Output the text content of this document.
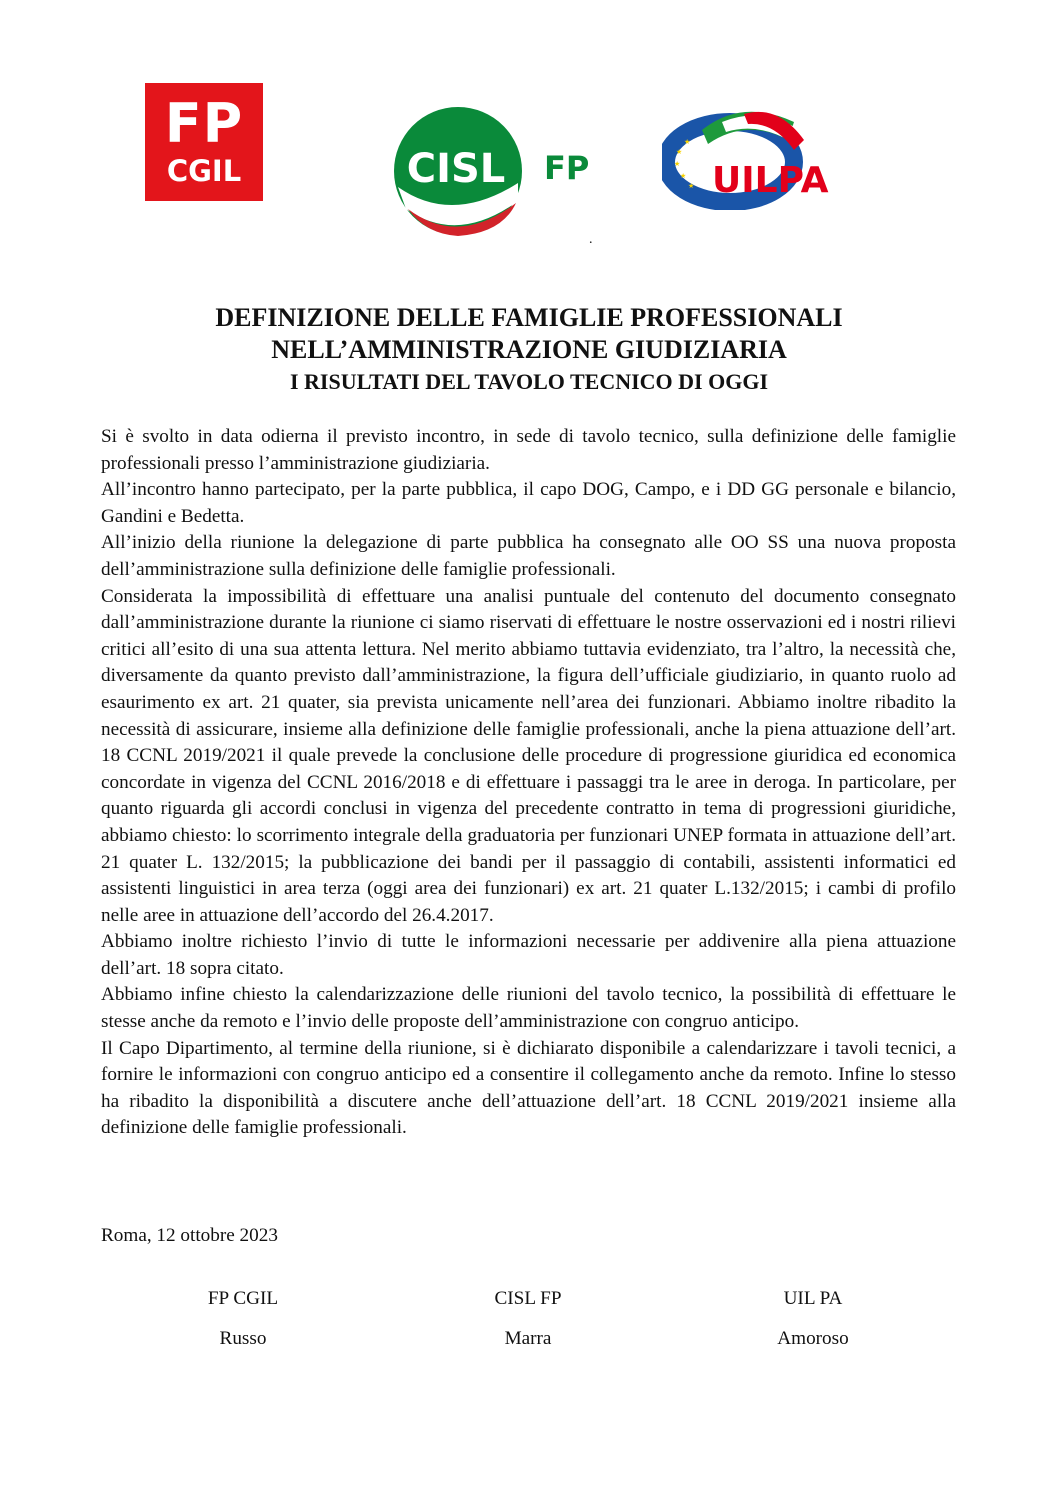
FP
CGIL	CISL FP	★
★
★
★
★
UILPA
.
DEFINIZIONE DELLE FAMIGLIE PROFESSIONALI
NELL’AMMINISTRAZIONE GIUDIZIARIA
I RISULTATI DEL TAVOLO TECNICO DI OGGI

Si è svolto in data odierna il previsto incontro, in sede di tavolo tecnico, sulla definizione delle famiglie professionali presso l’amministrazione giudiziaria.

All’incontro hanno partecipato, per la parte pubblica, il capo DOG, Campo, e i DD GG personale e bilancio, Gandini e Bedetta.

All’inizio della riunione la delegazione di parte pubblica ha consegnato alle OO SS una nuova proposta dell’amministrazione sulla definizione delle famiglie professionali.

Considerata la impossibilità di effettuare una analisi puntuale del contenuto del documento consegnato dall’amministrazione durante la riunione ci siamo riservati di effettuare le nostre osservazioni ed i nostri rilievi critici all’esito di una sua attenta lettura. Nel merito abbiamo tuttavia evidenziato, tra l’altro, la necessità che, diversamente da quanto previsto dall’amministrazione, la figura dell’ufficiale giudiziario, in quanto ruolo ad esaurimento ex art. 21 quater, sia prevista unicamente nell’area dei funzionari. Abbiamo inoltre ribadito la necessità di assicurare, insieme alla definizione delle famiglie professionali, anche la piena attuazione dell’art. 18 CCNL 2019/2021 il quale prevede la conclusione delle procedure di progressione giuridica ed economica concordate in vigenza del CCNL 2016/2018 e di effettuare i passaggi tra le aree in deroga. In particolare, per quanto riguarda gli accordi conclusi in vigenza del precedente contratto in tema di progressioni giuridiche, abbiamo chiesto: lo scorrimento integrale della graduatoria per funzionari UNEP formata in attuazione dell’art. 21 quater L. 132/2015; la pubblicazione dei bandi per il passaggio di contabili, assistenti informatici ed assistenti linguistici in area terza (oggi area dei funzionari) ex art. 21 quater L.132/2015; i cambi di profilo nelle aree in attuazione dell’accordo del 26.4.2017.

Abbiamo inoltre richiesto l’invio di tutte le informazioni necessarie per addivenire alla piena attuazione dell’art. 18 sopra citato.

Abbiamo infine chiesto la calendarizzazione delle riunioni del tavolo tecnico, la possibilità di effettuare le stesse anche da remoto e l’invio delle proposte dell’amministrazione con congruo anticipo.

Il Capo Dipartimento, al termine della riunione, si è dichiarato disponibile a calendarizzare i tavoli tecnici, a fornire le informazioni con congruo anticipo ed a consentire il collegamento anche da remoto. Infine lo stesso ha ribadito la disponibilità a discutere anche dell’attuazione dell’art. 18 CCNL 2019/2021 insieme alla definizione delle famiglie professionali.

Roma, 12 ottobre 2023
FP CGIL	CISL FP	UIL PA
Russo	Marra	Amoroso
